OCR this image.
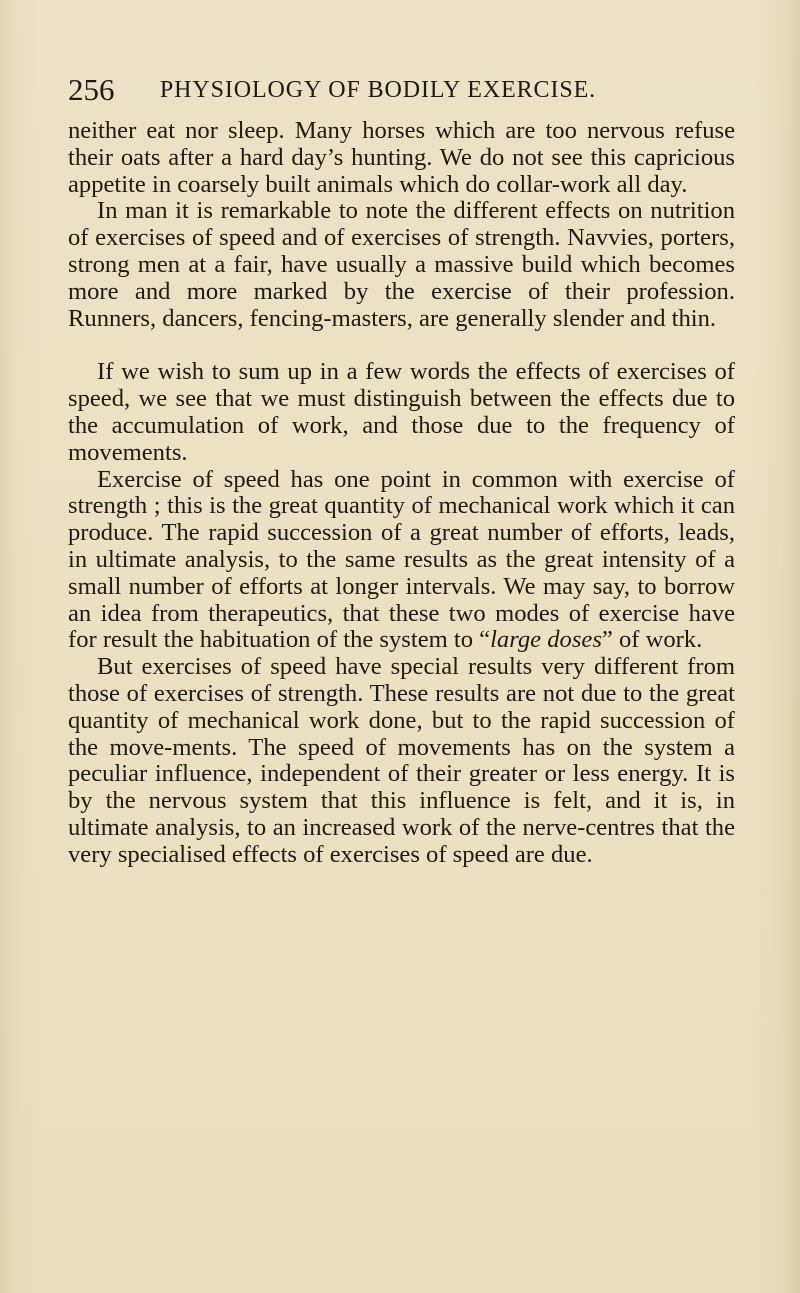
256	PHYSIOLOGY OF BODILY EXERCISE.

neither eat nor sleep. Many horses which are too nervous refuse their oats after a hard day’s hunting. We do not see this capricious appetite in coarsely built animals which do collar-work all day.

In man it is remarkable to note the different effects on nutrition of exercises of speed and of exercises of strength. Navvies, porters, strong men at a fair, have usually a massive build which becomes more and more marked by the exercise of their profession. Runners, dancers, fencing-masters, are generally slender and thin.

If we wish to sum up in a few words the effects of exercises of speed, we see that we must distinguish between the effects due to the accumulation of work, and those due to the frequency of movements.

Exercise of speed has one point in common with exercise of strength ; this is the great quantity of mechanical work which it can produce. The rapid succession of a great number of efforts, leads, in ultimate analysis, to the same results as the great intensity of a small number of efforts at longer intervals. We may say, to borrow an idea from therapeutics, that these two modes of exercise have for result the habituation of the system to “large doses” of work.

But exercises of speed have special results very different from those of exercises of strength. These results are not due to the great quantity of mechanical work done, but to the rapid succession of the move-ments. The speed of movements has on the system a peculiar influence, independent of their greater or less energy. It is by the nervous system that this influence is felt, and it is, in ultimate analysis, to an increased work of the nerve-centres that the very specialised effects of exercises of speed are due.
